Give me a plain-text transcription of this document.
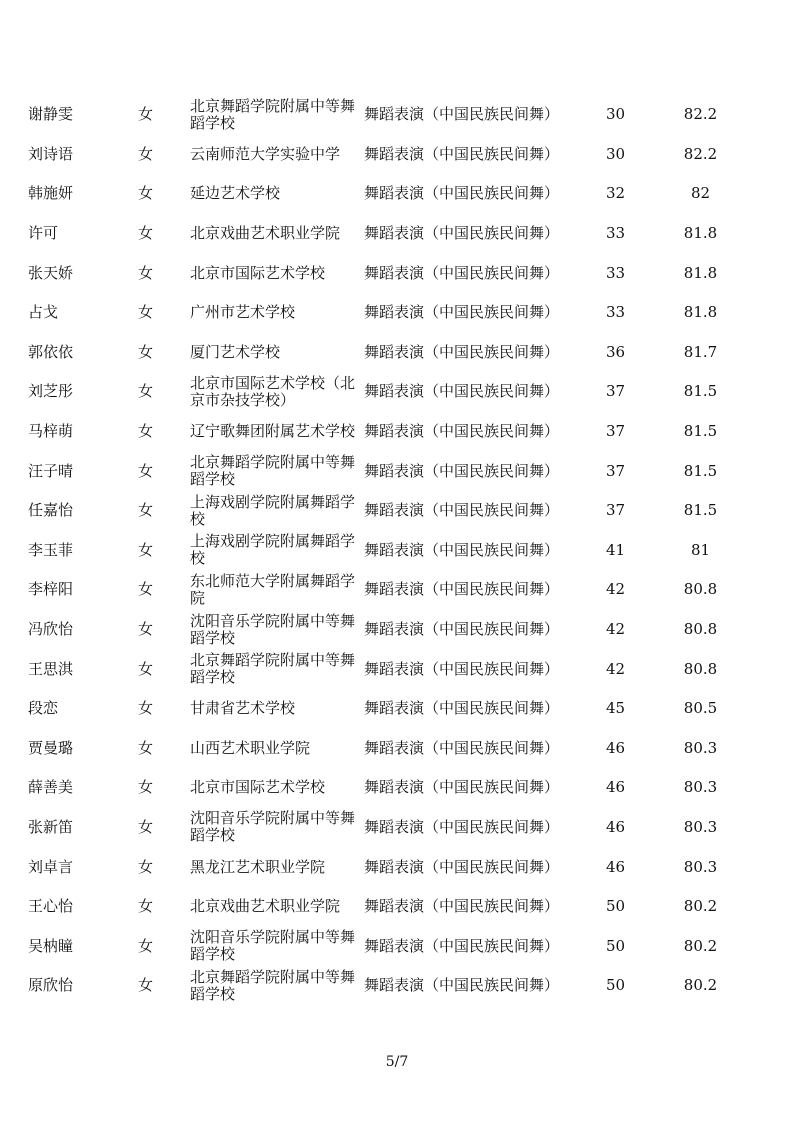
谢静雯	女	北京舞蹈学院附属中等舞蹈学校	舞蹈表演（中国民族民间舞）	30	82.2
刘诗语	女	云南师范大学实验中学	舞蹈表演（中国民族民间舞）	30	82.2
韩施妍	女	延边艺术学校	舞蹈表演（中国民族民间舞）	32	82
许可	女	北京戏曲艺术职业学院	舞蹈表演（中国民族民间舞）	33	81.8
张天娇	女	北京市国际艺术学校	舞蹈表演（中国民族民间舞）	33	81.8
占戈	女	广州市艺术学校	舞蹈表演（中国民族民间舞）	33	81.8
郭依依	女	厦门艺术学校	舞蹈表演（中国民族民间舞）	36	81.7
刘芝彤	女	北京市国际艺术学校（北京市杂技学校）	舞蹈表演（中国民族民间舞）	37	81.5
马梓萌	女	辽宁歌舞团附属艺术学校	舞蹈表演（中国民族民间舞）	37	81.5
汪子晴	女	北京舞蹈学院附属中等舞蹈学校	舞蹈表演（中国民族民间舞）	37	81.5
任嘉怡	女	上海戏剧学院附属舞蹈学校	舞蹈表演（中国民族民间舞）	37	81.5
李玉菲	女	上海戏剧学院附属舞蹈学校	舞蹈表演（中国民族民间舞）	41	81
李梓阳	女	东北师范大学附属舞蹈学院	舞蹈表演（中国民族民间舞）	42	80.8
冯欣怡	女	沈阳音乐学院附属中等舞蹈学校	舞蹈表演（中国民族民间舞）	42	80.8
王思淇	女	北京舞蹈学院附属中等舞蹈学校	舞蹈表演（中国民族民间舞）	42	80.8
段恋	女	甘肃省艺术学校	舞蹈表演（中国民族民间舞）	45	80.5
贾曼璐	女	山西艺术职业学院	舞蹈表演（中国民族民间舞）	46	80.3
薛善美	女	北京市国际艺术学校	舞蹈表演（中国民族民间舞）	46	80.3
张新笛	女	沈阳音乐学院附属中等舞蹈学校	舞蹈表演（中国民族民间舞）	46	80.3
刘卓言	女	黑龙江艺术职业学院	舞蹈表演（中国民族民间舞）	46	80.3
王心怡	女	北京戏曲艺术职业学院	舞蹈表演（中国民族民间舞）	50	80.2
吴枘瞳	女	沈阳音乐学院附属中等舞蹈学校	舞蹈表演（中国民族民间舞）	50	80.2
原欣怡	女	北京舞蹈学院附属中等舞蹈学校	舞蹈表演（中国民族民间舞）	50	80.2
5/7
